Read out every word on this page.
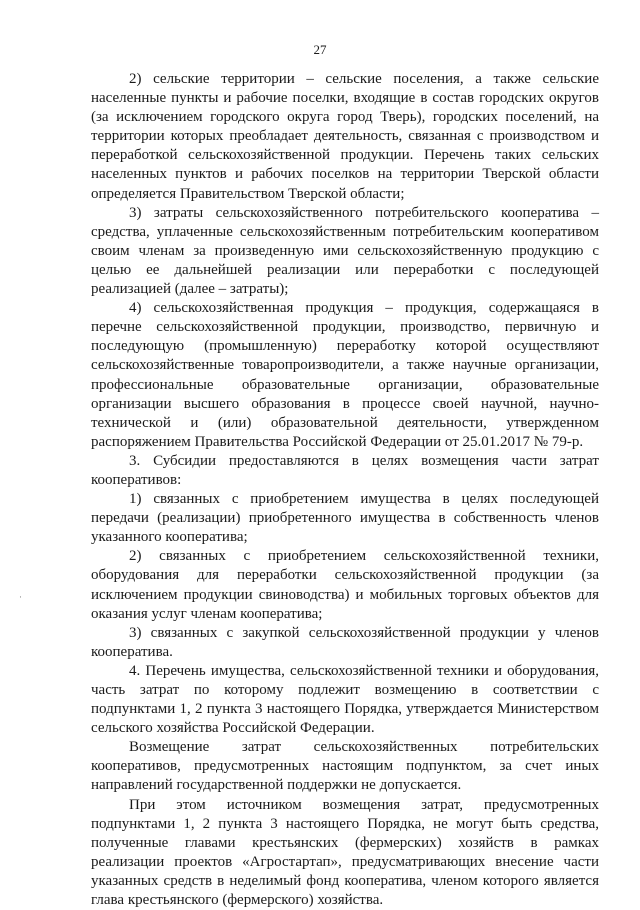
27

2) сельские территории – сельские поселения, а также сельские населенные пункты и рабочие поселки, входящие в состав городских округов (за исключением городского округа город Тверь), городских поселений, на территории которых преобладает деятельность, связанная с производством и переработкой сельскохозяйственной продукции. Перечень таких сельских населенных пунктов и рабочих поселков на территории Тверской области определяется Правительством Тверской области;

3) затраты сельскохозяйственного потребительского кооператива – средства, уплаченные сельскохозяйственным потребительским кооперативом своим членам за произведенную ими сельскохозяйственную продукцию с целью ее дальнейшей реализации или переработки с последующей реализацией (далее – затраты);

4) сельскохозяйственная продукция – продукция, содержащаяся в перечне сельскохозяйственной продукции, производство, первичную и последующую (промышленную) переработку которой осуществляют сельскохозяйственные товаропроизводители, а также научные организации, профессиональные образовательные организации, образовательные организации высшего образования в процессе своей научной, научно-технической и (или) образовательной деятельности, утвержденном распоряжением Правительства Российской Федерации от 25.01.2017 № 79-р.

3. Субсидии предоставляются в целях возмещения части затрат кооперативов:

1) связанных с приобретением имущества в целях последующей передачи (реализации) приобретенного имущества в собственность членов указанного кооператива;

2) связанных с приобретением сельскохозяйственной техники, оборудования для переработки сельскохозяйственной продукции (за исключением продукции свиноводства) и мобильных торговых объектов для оказания услуг членам кооператива;

3) связанных с закупкой сельскохозяйственной продукции у членов кооператива.

4. Перечень имущества, сельскохозяйственной техники и оборудования, часть затрат по которому подлежит возмещению в соответствии с подпунктами 1, 2 пункта 3 настоящего Порядка, утверждается Министерством сельского хозяйства Российской Федерации.

Возмещение затрат сельскохозяйственных потребительских кооперативов, предусмотренных настоящим подпунктом, за счет иных направлений государственной поддержки не допускается.

При этом источником возмещения затрат, предусмотренных подпунктами 1, 2 пункта 3 настоящего Порядка, не могут быть средства, полученные главами крестьянских (фермерских) хозяйств в рамках реализации проектов «Агростартап», предусматривающих внесение части указанных средств в неделимый фонд кооператива, членом которого является глава крестьянского (фермерского) хозяйства.

·
